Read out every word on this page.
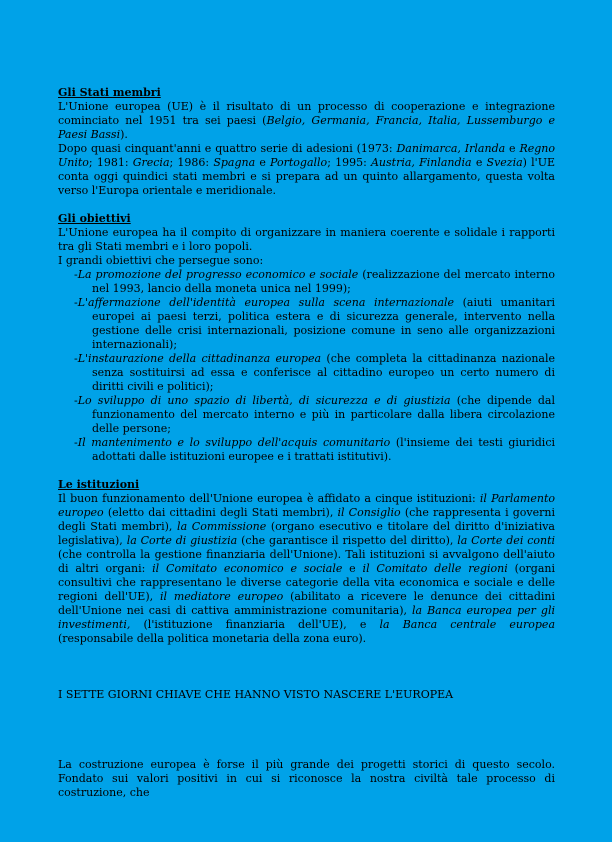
Gli Stati membri

L'Unione europea (UE) è il risultato di un processo di cooperazione e integrazione cominciato nel 1951 tra sei paesi (Belgio, Germania, Francia, Italia, Lussemburgo e Paesi Bassi).

Dopo quasi cinquant'anni e quattro serie di adesioni (1973: Danimarca, Irlanda e Regno Unito; 1981: Grecia; 1986: Spagna e Portogallo; 1995: Austria, Finlandia e Svezia) l'UE conta oggi quindici stati membri e si prepara ad un quinto allargamento, questa volta verso l'Europa orientale e meridionale.

Gli obiettivi

L'Unione europea ha il compito di organizzare in maniera coerente e solidale i rapporti tra gli Stati membri e i loro popoli.

I grandi obiettivi che persegue sono:

-La promozione del progresso economico e sociale (realizzazione del mercato interno nel 1993, lancio della moneta unica nel 1999);

-L'affermazione dell'identità europea sulla scena internazionale (aiuti umanitari europei ai paesi terzi, politica estera e di sicurezza generale, intervento nella gestione delle crisi internazionali, posizione comune in seno alle organizzazioni internazionali);

-L'instaurazione della cittadinanza europea (che completa la cittadinanza nazionale senza sostituirsi ad essa e conferisce al cittadino europeo un certo numero di diritti civili e politici);

-Lo sviluppo di uno spazio di libertà, di sicurezza e di giustizia (che dipende dal funzionamento del mercato interno e più in particolare dalla libera circolazione delle persone;

-Il mantenimento e lo sviluppo dell'acquis comunitario (l'insieme dei testi giuridici adottati dalle istituzioni europee e i trattati istitutivi).

Le istituzioni

Il buon funzionamento dell'Unione europea è affidato a cinque istituzioni: il Parlamento europeo (eletto dai cittadini degli Stati membri), il Consiglio (che rappresenta i governi degli Stati membri), la Commissione (organo esecutivo e titolare del diritto d'iniziativa legislativa), la Corte di giustizia (che garantisce il rispetto del diritto), la Corte dei conti (che controlla la gestione finanziaria dell'Unione). Tali istituzioni si avvalgono dell'aiuto di altri organi: il Comitato economico e sociale e il Comitato delle regioni (organi consultivi che rappresentano le diverse categorie della vita economica e sociale e delle regioni dell'UE), il mediatore europeo (abilitato a ricevere le denunce dei cittadini dell'Unione nei casi di cattiva amministrazione comunitaria), la Banca europea per gli investimenti, (l'istituzione finanziaria dell'UE), e la Banca centrale europea (responsabile della politica monetaria della zona euro).

I SETTE GIORNI CHIAVE CHE HANNO VISTO NASCERE L'EUROPEA

La costruzione europea è forse il più grande dei progetti storici di questo secolo. Fondato sui valori positivi in cui si riconosce la nostra civiltà tale processo di costruzione, che
